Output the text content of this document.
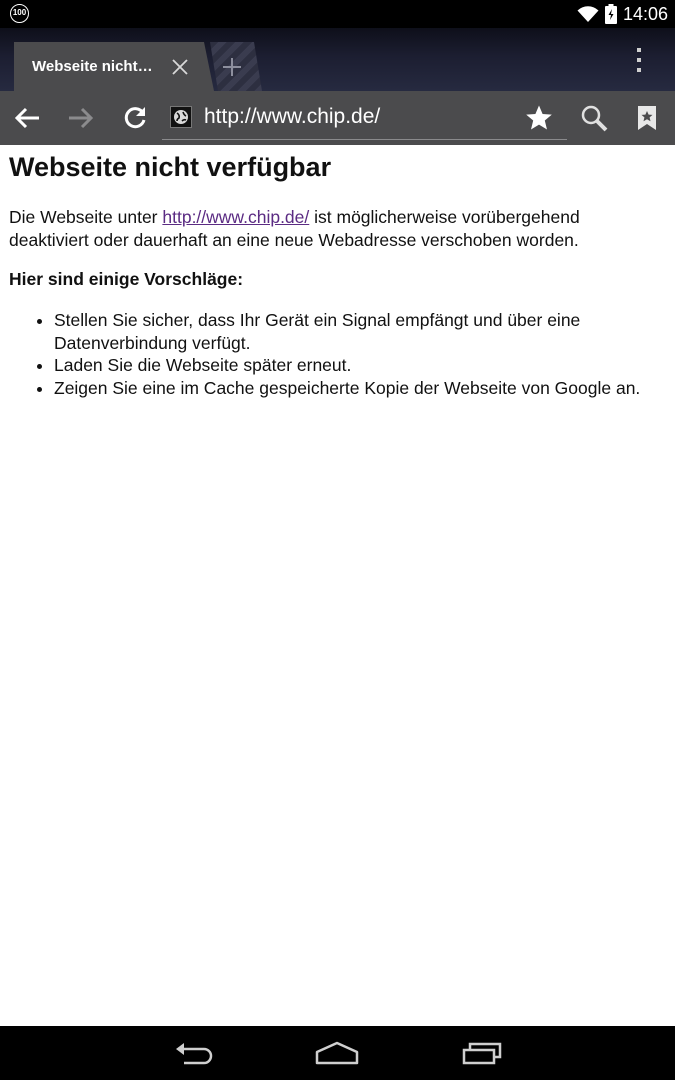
100	14:06
Webseite nicht…
http://www.chip.de/
Webseite nicht verfügbar
Die Webseite unter http://www.chip.de/ ist möglicherweise vorübergehend deaktiviert oder dauerhaft an eine neue Webadresse verschoben worden.
Hier sind einige Vorschläge:
• Stellen Sie sicher, dass Ihr Gerät ein Signal empfängt und über eine Datenverbindung verfügt.
• Laden Sie die Webseite später erneut.
• Zeigen Sie eine im Cache gespeicherte Kopie der Webseite von Google an.
